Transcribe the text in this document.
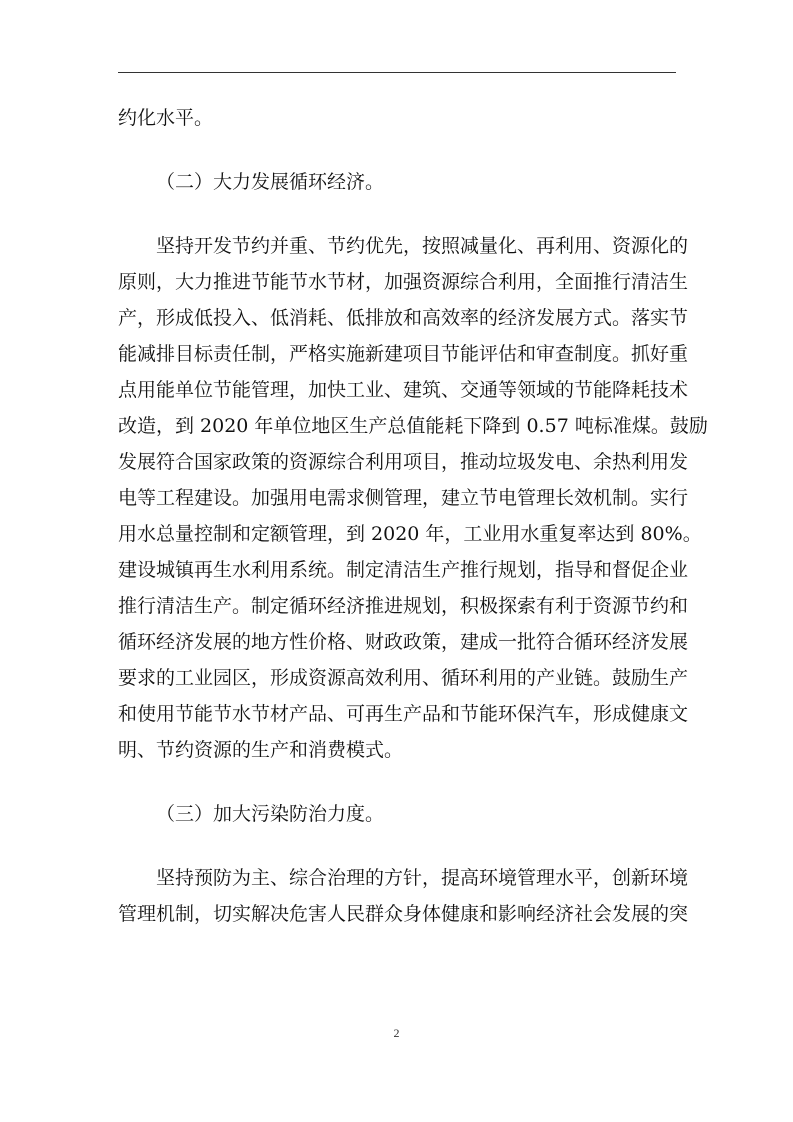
约化水平。
（二）大力发展循环经济。
坚持开发节约并重、节约优先，按照减量化、再利用、资源化的
原则，大力推进节能节水节材，加强资源综合利用，全面推行清洁生
产，形成低投入、低消耗、低排放和高效率的经济发展方式。落实节
能减排目标责任制，严格实施新建项目节能评估和审查制度。抓好重
点用能单位节能管理，加快工业、建筑、交通等领域的节能降耗技术
改造，到 2020 年单位地区生产总值能耗下降到 0.57 吨标准煤。鼓励
发展符合国家政策的资源综合利用项目，推动垃圾发电、余热利用发
电等工程建设。加强用电需求侧管理，建立节电管理长效机制。实行
用水总量控制和定额管理，到 2020 年，工业用水重复率达到 80%。
建设城镇再生水利用系统。制定清洁生产推行规划，指导和督促企业
推行清洁生产。制定循环经济推进规划，积极探索有利于资源节约和
循环经济发展的地方性价格、财政政策，建成一批符合循环经济发展
要求的工业园区，形成资源高效利用、循环利用的产业链。鼓励生产
和使用节能节水节材产品、可再生产品和节能环保汽车，形成健康文
明、节约资源的生产和消费模式。
（三）加大污染防治力度。
坚持预防为主、综合治理的方针，提高环境管理水平，创新环境
管理机制，切实解决危害人民群众身体健康和影响经济社会发展的突
2
